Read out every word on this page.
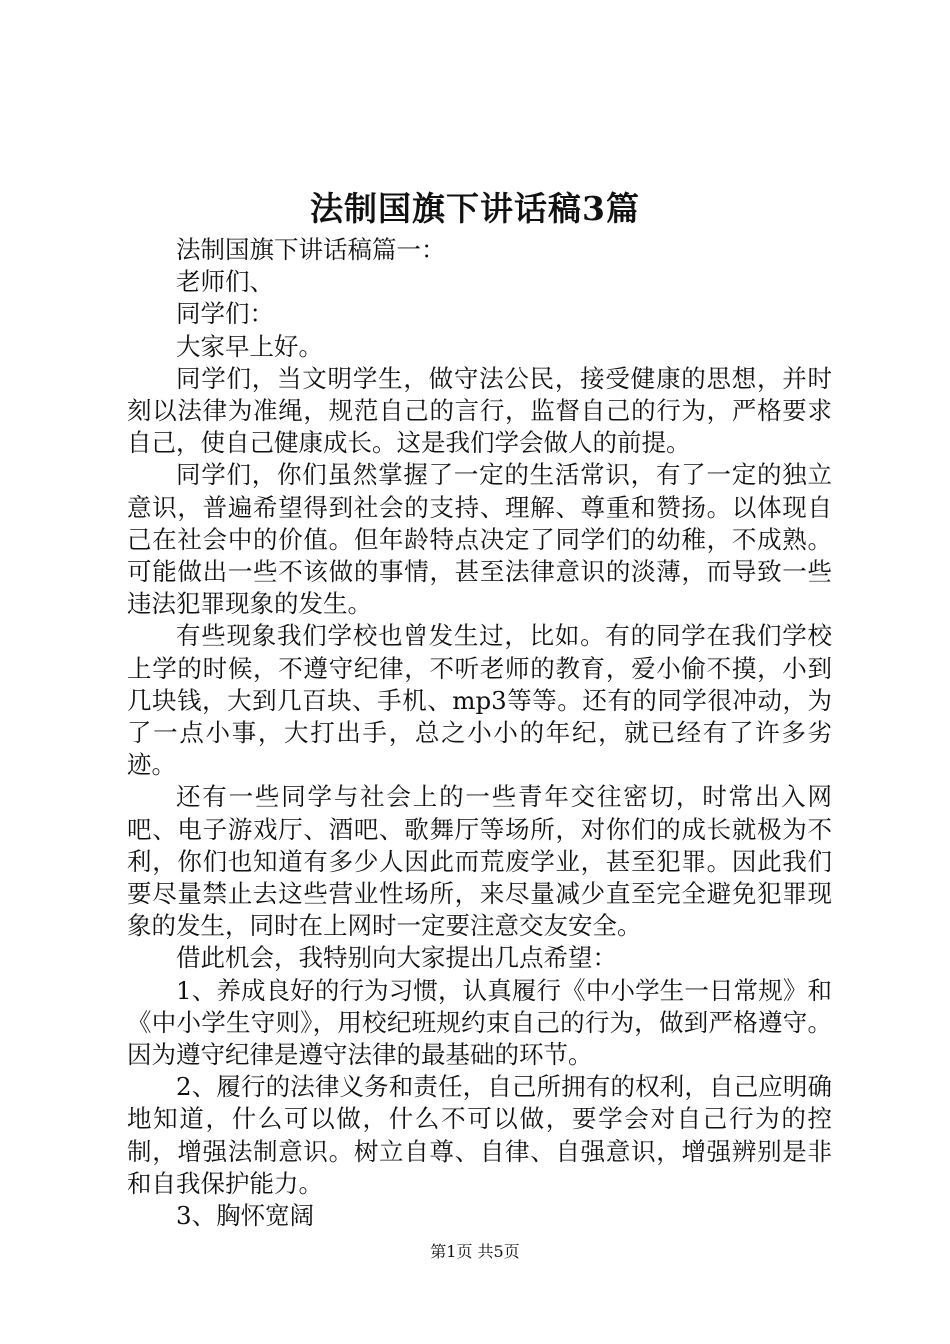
法制国旗下讲话稿3篇

法制国旗下讲话稿篇一：

老师们、

同学们：

大家早上好。

同学们，当文明学生，做守法公民，接受健康的思想，并时刻以法律为准绳，规范自己的言行，监督自己的行为，严格要求自己，使自己健康成长。这是我们学会做人的前提。

同学们，你们虽然掌握了一定的生活常识，有了一定的独立意识，普遍希望得到社会的支持、理解、尊重和赞扬。以体现自己在社会中的价值。但年龄特点决定了同学们的幼稚，不成熟。可能做出一些不该做的事情，甚至法律意识的淡薄，而导致一些违法犯罪现象的发生。

有些现象我们学校也曾发生过，比如。有的同学在我们学校上学的时候，不遵守纪律，不听老师的教育，爱小偷不摸，小到几块钱，大到几百块、手机、mp3等等。还有的同学很冲动，为了一点小事，大打出手，总之小小的年纪，就已经有了许多劣迹。

还有一些同学与社会上的一些青年交往密切，时常出入网吧、电子游戏厅、酒吧、歌舞厅等场所，对你们的成长就极为不利，你们也知道有多少人因此而荒废学业，甚至犯罪。因此我们要尽量禁止去这些营业性场所，来尽量减少直至完全避免犯罪现象的发生，同时在上网时一定要注意交友安全。

借此机会，我特别向大家提出几点希望：

1、养成良好的行为习惯，认真履行《中小学生一日常规》和《中小学生守则》，用校纪班规约束自己的行为，做到严格遵守。因为遵守纪律是遵守法律的最基础的环节。

2、履行的法律义务和责任，自己所拥有的权利，自己应明确地知道，什么可以做，什么不可以做，要学会对自己行为的控制，增强法制意识。树立自尊、自律、自强意识，增强辨别是非和自我保护能力。

3、胸怀宽阔

第1页 共5页
